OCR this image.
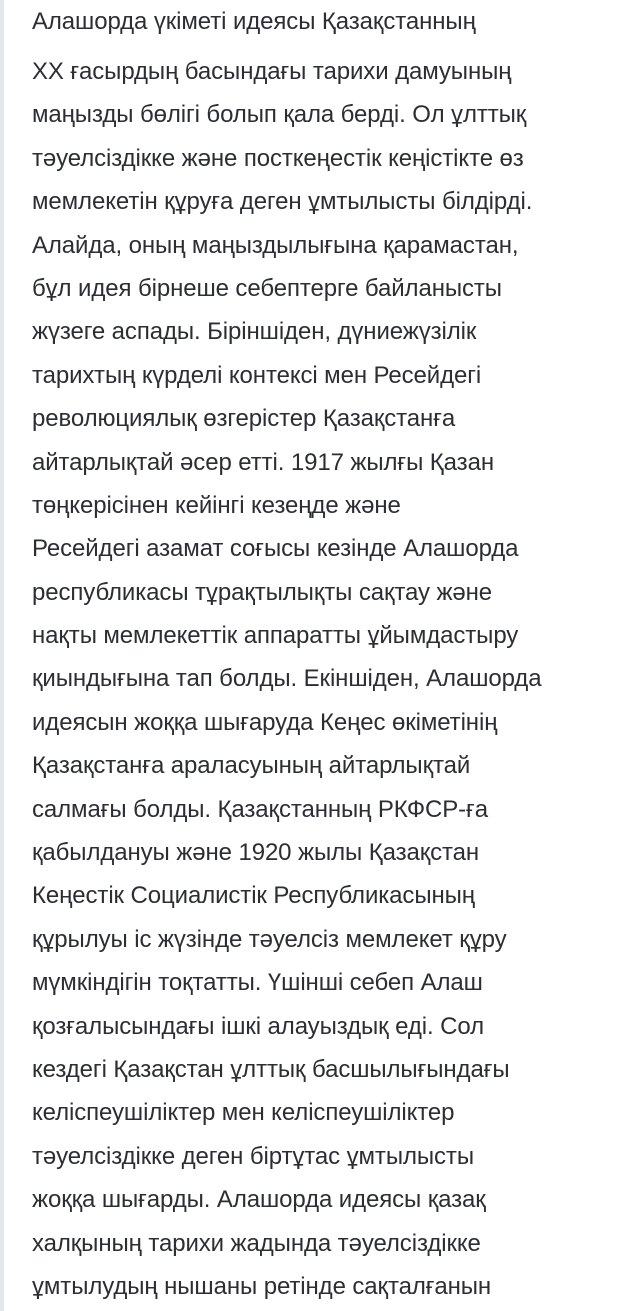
Алашорда үкіметі идеясы Қазақстанның

XX ғасырдың басындағы тарихи дамуының

маңызды бөлігі болып қала берді. Ол ұлттық

тәуелсіздікке және посткеңестік кеңістікте өз

мемлекетін құруға деген ұмтылысты білдірді.

Алайда, оның маңыздылығына қарамастан,

бұл идея бірнеше себептерге байланысты

жүзеге аспады. Біріншіден, дүниежүзілік

тарихтың күрделі контексі мен Ресейдегі

революциялық өзгерістер Қазақстанға

айтарлықтай әсер етті. 1917 жылғы Қазан

төңкерісінен кейінгі кезеңде және

Ресейдегі азамат соғысы кезінде Алашорда

республикасы тұрақтылықты сақтау және

нақты мемлекеттік аппаратты ұйымдастыру

қиындығына тап болды. Екіншіден, Алашорда

идеясын жоққа шығаруда Кеңес өкіметінің

Қазақстанға араласуының айтарлықтай

салмағы болды. Қазақстанның РКФСР-ға

қабылдануы және 1920 жылы Қазақстан

Кеңестік Социалистік Республикасының

құрылуы іс жүзінде тәуелсіз мемлекет құру

мүмкіндігін тоқтатты. Үшінші себеп Алаш

қозғалысындағы ішкі алауыздық еді. Сол

кездегі Қазақстан ұлттық басшылығындағы

келіспеушіліктер мен келіспеушіліктер

тәуелсіздікке деген біртұтас ұмтылысты

жоққа шығарды. Алашорда идеясы қазақ

халқының тарихи жадында тәуелсіздікке

ұмтылудың нышаны ретінде сақталғанын
